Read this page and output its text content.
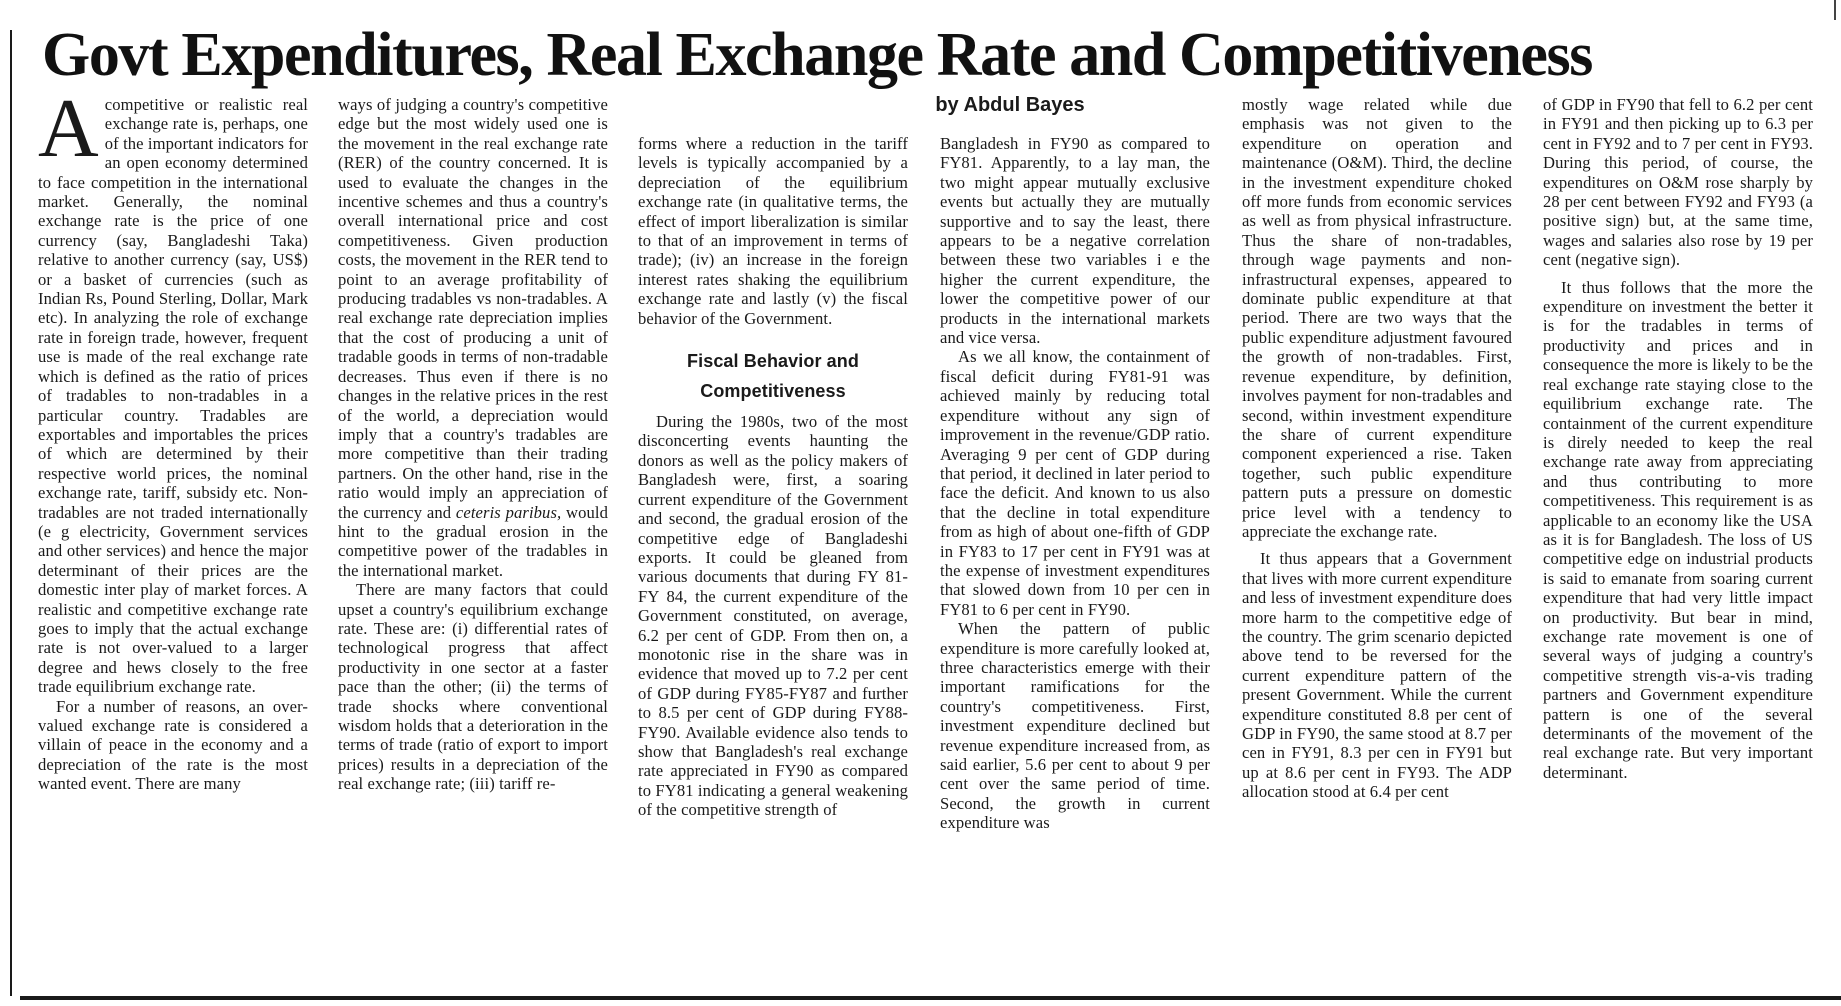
Govt Expenditures, Real Exchange Rate and Competitiveness
by Abdul Bayes

Acompetitive or realistic real exchange rate is, perhaps, one of the important indicators for an open economy determined to face competition in the international market. Generally, the nominal exchange rate is the price of one currency (say, Bangladeshi Taka) relative to another currency (say, US$) or a basket of currencies (such as Indian Rs, Pound Sterling, Dollar, Mark etc). In analyzing the role of exchange rate in foreign trade, however, frequent use is made of the real exchange rate which is defined as the ratio of prices of tradables to non-tradables in a particular country. Tradables are exportables and importables the prices of which are determined by their respective world prices, the nominal exchange rate, tariff, subsidy etc. Non-tradables are not traded internationally (e g electricity, Government services and other services) and hence the major determinant of their prices are the domestic inter play of market forces. A realistic and competitive exchange rate goes to imply that the actual exchange rate is not over-valued to a larger degree and hews closely to the free trade equilibrium exchange rate.

For a number of reasons, an over-valued exchange rate is considered a villain of peace in the economy and a depreciation of the rate is the most wanted event. There are many

ways of judging a country's competitive edge but the most widely used one is the movement in the real exchange rate (RER) of the country concerned. It is used to evaluate the changes in the incentive schemes and thus a country's overall international price and cost competitiveness. Given production costs, the movement in the RER tend to point to an average profitability of producing tradables vs non-tradables. A real exchange rate depreciation implies that the cost of producing a unit of tradable goods in terms of non-tradable decreases. Thus even if there is no changes in the relative prices in the rest of the world, a depreciation would imply that a country's tradables are more competitive than their trading partners. On the other hand, rise in the ratio would imply an appreciation of the currency and ceteris paribus, would hint to the gradual erosion in the competitive power of the tradables in the international market.

There are many factors that could upset a country's equilibrium exchange rate. These are: (i) differential rates of technological progress that affect productivity in one sector at a faster pace than the other; (ii) the terms of trade shocks where conventional wisdom holds that a deterioration in the terms of trade (ratio of export to import prices) results in a depreciation of the real exchange rate; (iii) tariff re-

forms where a reduction in the tariff levels is typically accompanied by a depreciation of the equilibrium exchange rate (in qualitative terms, the effect of import liberalization is similar to that of an improvement in terms of trade); (iv) an increase in the foreign interest rates shaking the equilibrium exchange rate and lastly (v) the fiscal behavior of the Government.

Fiscal Behavior and
Competitiveness

During the 1980s, two of the most disconcerting events haunting the donors as well as the policy makers of Bangladesh were, first, a soaring current expenditure of the Government and second, the gradual erosion of the competitive edge of Bangladeshi exports. It could be gleaned from various documents that during FY 81-FY 84, the current expenditure of the Government constituted, on average, 6.2 per cent of GDP. From then on, a monotonic rise in the share was in evidence that moved up to 7.2 per cent of GDP during FY85-FY87 and further to 8.5 per cent of GDP during FY88-FY90. Available evidence also tends to show that Bangladesh's real exchange rate appreciated in FY90 as compared to FY81 indicating a general weakening of the competitive strength of

Bangladesh in FY90 as compared to FY81. Apparently, to a lay man, the two might appear mutually exclusive events but actually they are mutually supportive and to say the least, there appears to be a negative correlation between these two variables i e the higher the current expenditure, the lower the competitive power of our products in the international markets and vice versa.

As we all know, the containment of fiscal deficit during FY81-91 was achieved mainly by reducing total expenditure without any sign of improvement in the revenue/GDP ratio. Averaging 9 per cent of GDP during that period, it declined in later period to face the deficit. And known to us also that the decline in total expenditure from as high of about one-fifth of GDP in FY83 to 17 per cent in FY91 was at the expense of investment expenditures that slowed down from 10 per cen in FY81 to 6 per cent in FY90.

When the pattern of public expenditure is more carefully looked at, three characteristics emerge with their important ramifications for the country's competitiveness. First, investment expenditure declined but revenue expenditure increased from, as said earlier, 5.6 per cent to about 9 per cent over the same period of time. Second, the growth in current expenditure was

mostly wage related while due emphasis was not given to the expenditure on operation and maintenance (O&M). Third, the decline in the investment expenditure choked off more funds from economic services as well as from physical infrastructure. Thus the share of non-tradables, through wage payments and non-infrastructural expenses, appeared to dominate public expenditure at that period. There are two ways that the public expenditure adjustment favoured the growth of non-tradables. First, revenue expenditure, by definition, involves payment for non-tradables and second, within investment expenditure the share of current expenditure component experienced a rise. Taken together, such public expenditure pattern puts a pressure on domestic price level with a tendency to appreciate the exchange rate.

It thus appears that a Government that lives with more current expenditure and less of investment expenditure does more harm to the competitive edge of the country. The grim scenario depicted above tend to be reversed for the current expenditure pattern of the present Government. While the current expenditure constituted 8.8 per cent of GDP in FY90, the same stood at 8.7 per cen in FY91, 8.3 per cen in FY91 but up at 8.6 per cent in FY93. The ADP allocation stood at 6.4 per cent

of GDP in FY90 that fell to 6.2 per cent in FY91 and then picking up to 6.3 per cent in FY92 and to 7 per cent in FY93. During this period, of course, the expenditures on O&M rose sharply by 28 per cent between FY92 and FY93 (a positive sign) but, at the same time, wages and salaries also rose by 19 per cent (negative sign).

It thus follows that the more the expenditure on investment the better it is for the tradables in terms of productivity and prices and in consequence the more is likely to be the real exchange rate staying close to the equilibrium exchange rate. The containment of the current expenditure is direly needed to keep the real exchange rate away from appreciating and thus contributing to more competitiveness. This requirement is as applicable to an economy like the USA as it is for Bangladesh. The loss of US competitive edge on industrial products is said to emanate from soaring current expenditure that had very little impact on productivity. But bear in mind, exchange rate movement is one of several ways of judging a country's competitive strength vis-a-vis trading partners and Government expenditure pattern is one of the several determinants of the movement of the real exchange rate. But very important determinant.
